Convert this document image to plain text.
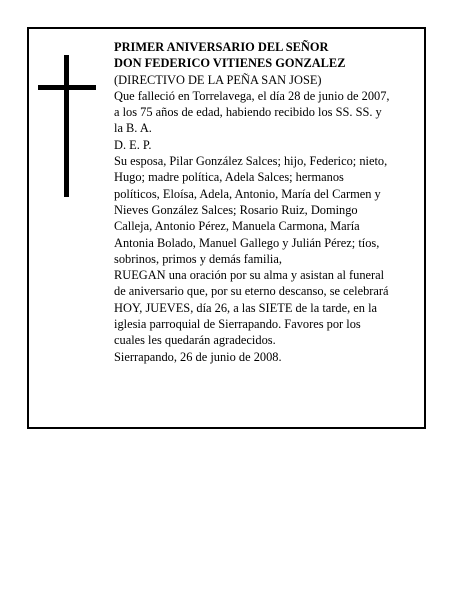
PRIMER ANIVERSARIO DEL SEÑOR
DON FEDERICO VITIENES GONZALEZ
(DIRECTIVO DE LA PEÑA SAN JOSE)
Que falleció en Torrelavega, el día 28 de junio de 2007,
a los 75 años de edad, habiendo recibido los SS. SS. y
la B. A.
D. E. P.
Su esposa, Pilar González Salces; hijo, Federico; nieto,
Hugo; madre política, Adela Salces; hermanos
políticos, Eloísa, Adela, Antonio, María del Carmen y
Nieves González Salces; Rosario Ruiz, Domingo
Calleja, Antonio Pérez, Manuela Carmona, María
Antonia Bolado, Manuel Gallego y Julián Pérez; tíos,
sobrinos, primos y demás familia,
RUEGAN una oración por su alma y asistan al funeral
de aniversario que, por su eterno descanso, se celebrará
HOY, JUEVES, día 26, a las SIETE de la tarde, en la
iglesia parroquial de Sierrapando. Favores por los
cuales les quedarán agradecidos.
Sierrapando, 26 de junio de 2008.
